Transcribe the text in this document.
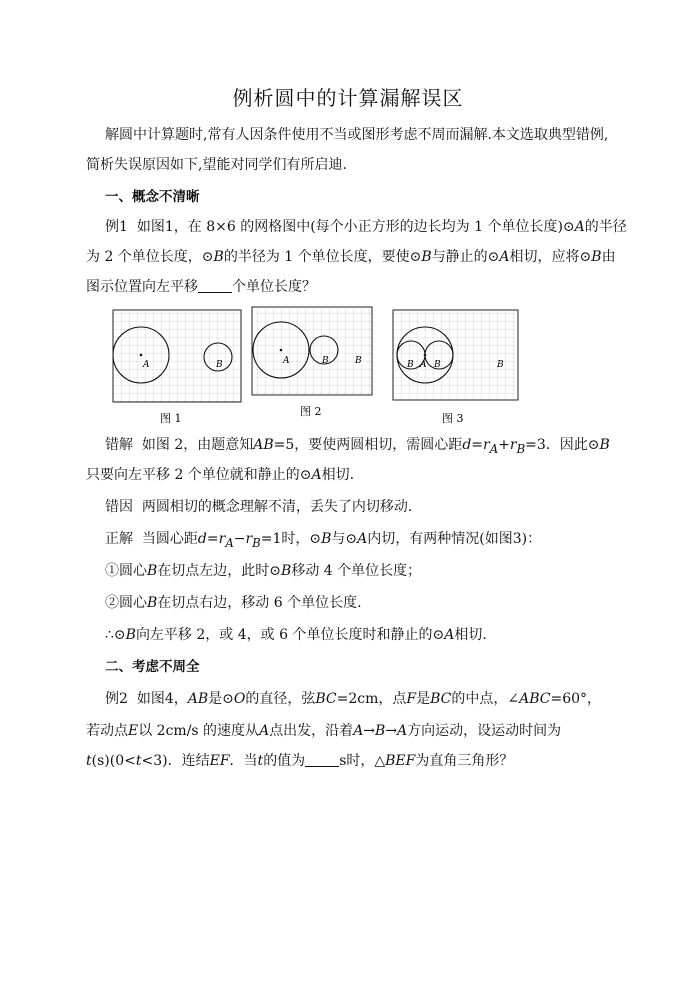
例析圆中的计算漏解误区
解圆中计算题时,常有人因条件使用不当或图形考虑不周而漏解.本文选取典型错例,
简析失误原因如下,望能对同学们有所启迪.
一、概念不清晰
例1 如图1，在 8×6 的网格图中(每个小正方形的边长均为 1 个单位长度)⊙A的半径
为 2 个单位长度，⊙B的半径为 1 个单位长度，要使⊙B与静止的⊙A相切，应将⊙B由
图示位置向左平移 个单位长度？
A	B
图 1
A	B	B
图 2
B A B	B
图 3
错解 如图 2，由题意知AB=5，要使两圆相切，需圆心距$d=r_A+r_B=3$．因此⊙B
只要向左平移 2 个单位就和静止的⊙A相切.
错因 两圆相切的概念理解不清，丢失了内切移动.
正解 当圆心距$d=r_A-r_B=1$时，⊙B与⊙A内切，有两种情况(如图3)：
①圆心B在切点左边，此时⊙B移动 4 个单位长度；
②圆心B在切点右边，移动 6 个单位长度.
∴⊙B向左平移 2，或 4，或 6 个单位长度时和静止的⊙A相切.
二、考虑不周全
例2 如图4，AB是⊙O的直径，弦BC=2cm，点F是BC的中点，∠ABC=60°，
若动点E以 2cm/s 的速度从A点出发，沿着A→B→A方向运动，设运动时间为
t(s)(0<t<3)．连结EF．当t的值为 s时，△BEF为直角三角形？
